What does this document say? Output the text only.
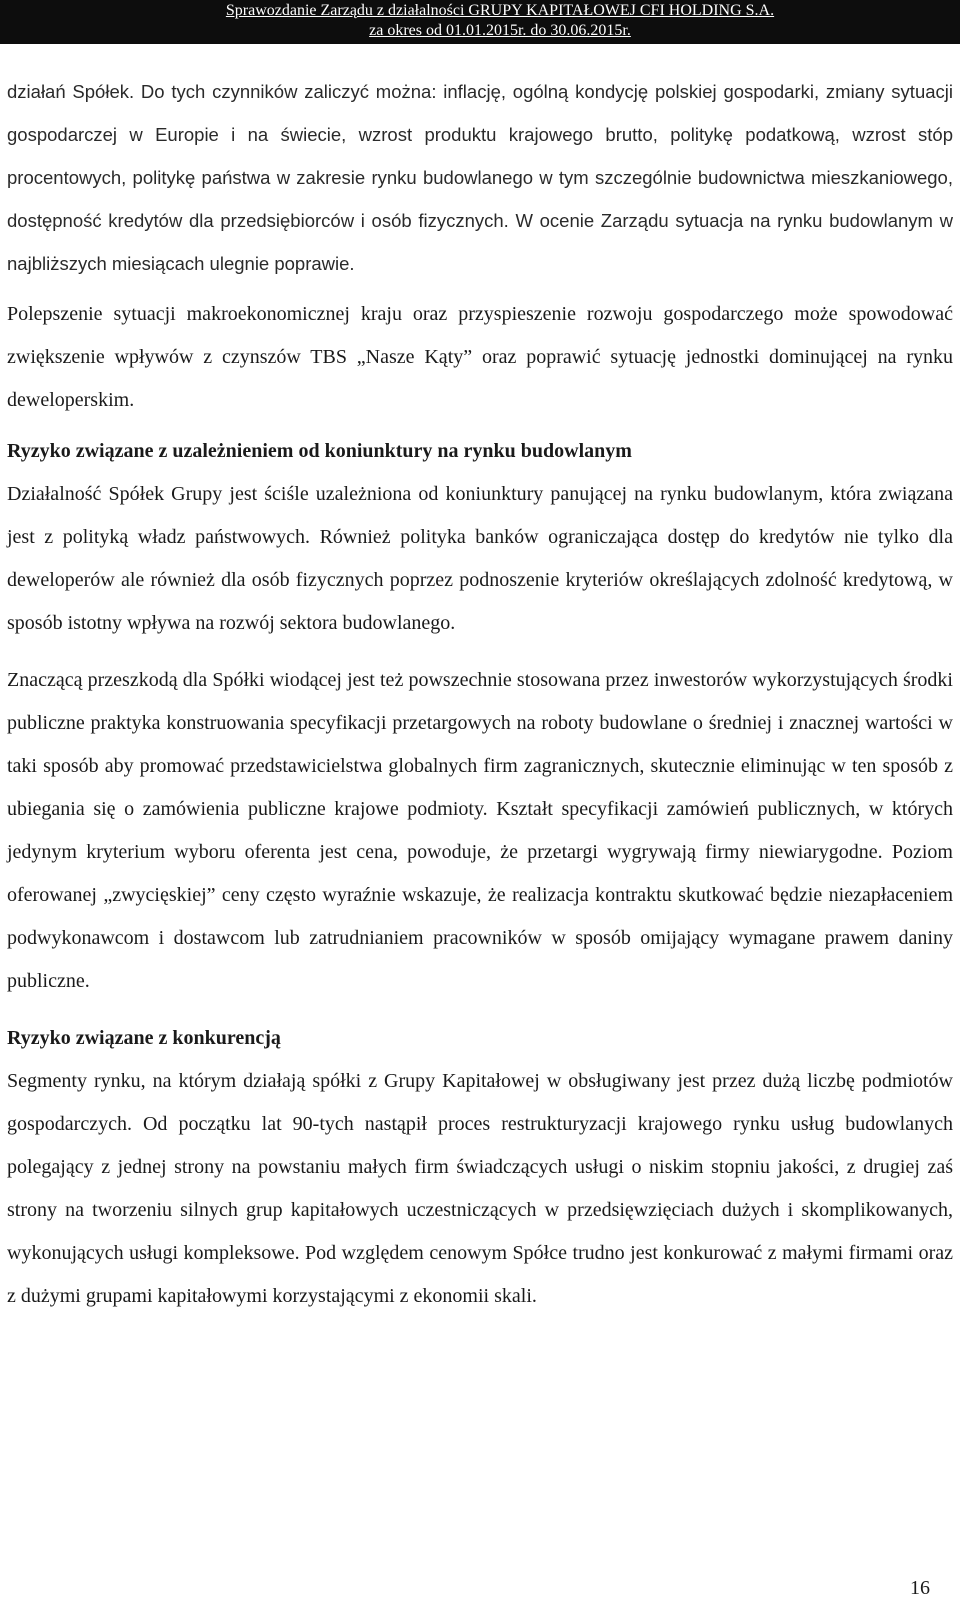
Sprawozdanie Zarządu z działalności GRUPY KAPITAŁOWEJ CFI HOLDING S.A.
za okres od 01.01.2015r. do 30.06.2015r.

działań Spółek. Do tych czynników zaliczyć można: inflację, ogólną kondycję polskiej gospodarki, zmiany sytuacji gospodarczej w Europie i na świecie, wzrost produktu krajowego brutto, politykę podatkową, wzrost stóp procentowych, politykę państwa w zakresie rynku budowlanego w tym szczególnie budownictwa mieszkaniowego, dostępność kredytów dla przedsiębiorców i osób fizycznych. W ocenie Zarządu sytuacja na rynku budowlanym w najbliższych miesiącach ulegnie poprawie.

Polepszenie sytuacji makroekonomicznej kraju oraz przyspieszenie rozwoju gospodarczego może spowodować zwiększenie wpływów z czynszów TBS „Nasze Kąty” oraz poprawić sytuację jednostki dominującej na rynku deweloperskim.

Ryzyko związane z uzależnieniem od koniunktury na rynku budowlanym

Działalność Spółek Grupy jest ściśle uzależniona od koniunktury panującej na rynku budowlanym, która związana jest z polityką władz państwowych. Również polityka banków ograniczająca dostęp do kredytów nie tylko dla deweloperów ale również dla osób fizycznych poprzez podnoszenie kryteriów określających zdolność kredytową, w sposób istotny wpływa na rozwój sektora budowlanego.

Znaczącą przeszkodą dla Spółki wiodącej jest też powszechnie stosowana przez inwestorów wykorzystujących środki publiczne praktyka konstruowania specyfikacji przetargowych na roboty budowlane o średniej i znacznej wartości w taki sposób aby promować przedstawicielstwa globalnych firm zagranicznych, skutecznie eliminując w ten sposób z ubiegania się o zamówienia publiczne krajowe podmioty. Kształt specyfikacji zamówień publicznych, w których jedynym kryterium wyboru oferenta jest cena, powoduje, że przetargi wygrywają firmy niewiarygodne. Poziom oferowanej „zwycięskiej” ceny często wyraźnie wskazuje, że realizacja kontraktu skutkować będzie niezapłaceniem podwykonawcom i dostawcom lub zatrudnianiem pracowników w sposób omijający wymagane prawem daniny publiczne.

Ryzyko związane z konkurencją

Segmenty rynku, na którym działają spółki z Grupy Kapitałowej w obsługiwany jest przez dużą liczbę podmiotów gospodarczych. Od początku lat 90-tych nastąpił proces restrukturyzacji krajowego rynku usług budowlanych polegający z jednej strony na powstaniu małych firm świadczących usługi o niskim stopniu jakości, z drugiej zaś strony na tworzeniu silnych grup kapitałowych uczestniczących w przedsięwzięciach dużych i skomplikowanych, wykonujących usługi kompleksowe. Pod względem cenowym Spółce trudno jest konkurować z małymi firmami oraz z dużymi grupami kapitałowymi korzystającymi z ekonomii skali.

16
